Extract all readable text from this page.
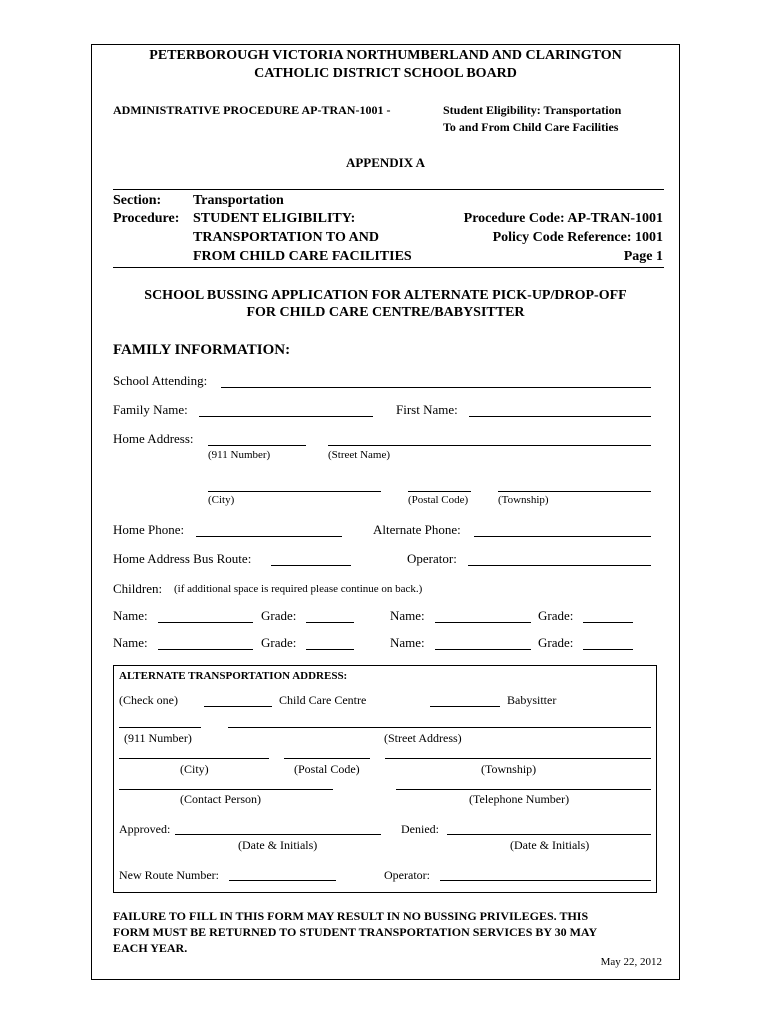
PETERBOROUGH VICTORIA NORTHUMBERLAND AND CLARINGTON
CATHOLIC DISTRICT SCHOOL BOARD
ADMINISTRATIVE PROCEDURE AP-TRAN-1001 -	Student Eligibility: Transportation
To and From Child Care Facilities
APPENDIX A
Section: Transportation
Procedure: STUDENT ELIGIBILITY:
TRANSPORTATION TO AND
FROM CHILD CARE FACILITIES
Procedure Code: AP-TRAN-1001
Policy Code Reference: 1001
Page 1
SCHOOL BUSSING APPLICATION FOR ALTERNATE PICK-UP/DROP-OFF
FOR CHILD CARE CENTRE/BABYSITTER
FAMILY INFORMATION:
School Attending:
Family Name:	First Name:
Home Address:
(911 Number)	(Street Name)
(City)	(Postal Code)	(Township)
Home Phone:	Alternate Phone:
Home Address Bus Route:	Operator:
Children: (if additional space is required please continue on back.)
Name:	Grade:	Name:	Grade:
Name:	Grade:	Name:	Grade:
ALTERNATE TRANSPORTATION ADDRESS:
(Check one)	Child Care Centre	Babysitter
(911 Number)	(Street Address)
(City)	(Postal Code)	(Township)
(Contact Person)	(Telephone Number)
Approved:	Denied:
(Date & Initials)	(Date & Initials)
New Route Number:	Operator:
FAILURE TO FILL IN THIS FORM MAY RESULT IN NO BUSSING PRIVILEGES. THIS
FORM MUST BE RETURNED TO STUDENT TRANSPORTATION SERVICES BY 30 MAY
EACH YEAR.
May 22, 2012
